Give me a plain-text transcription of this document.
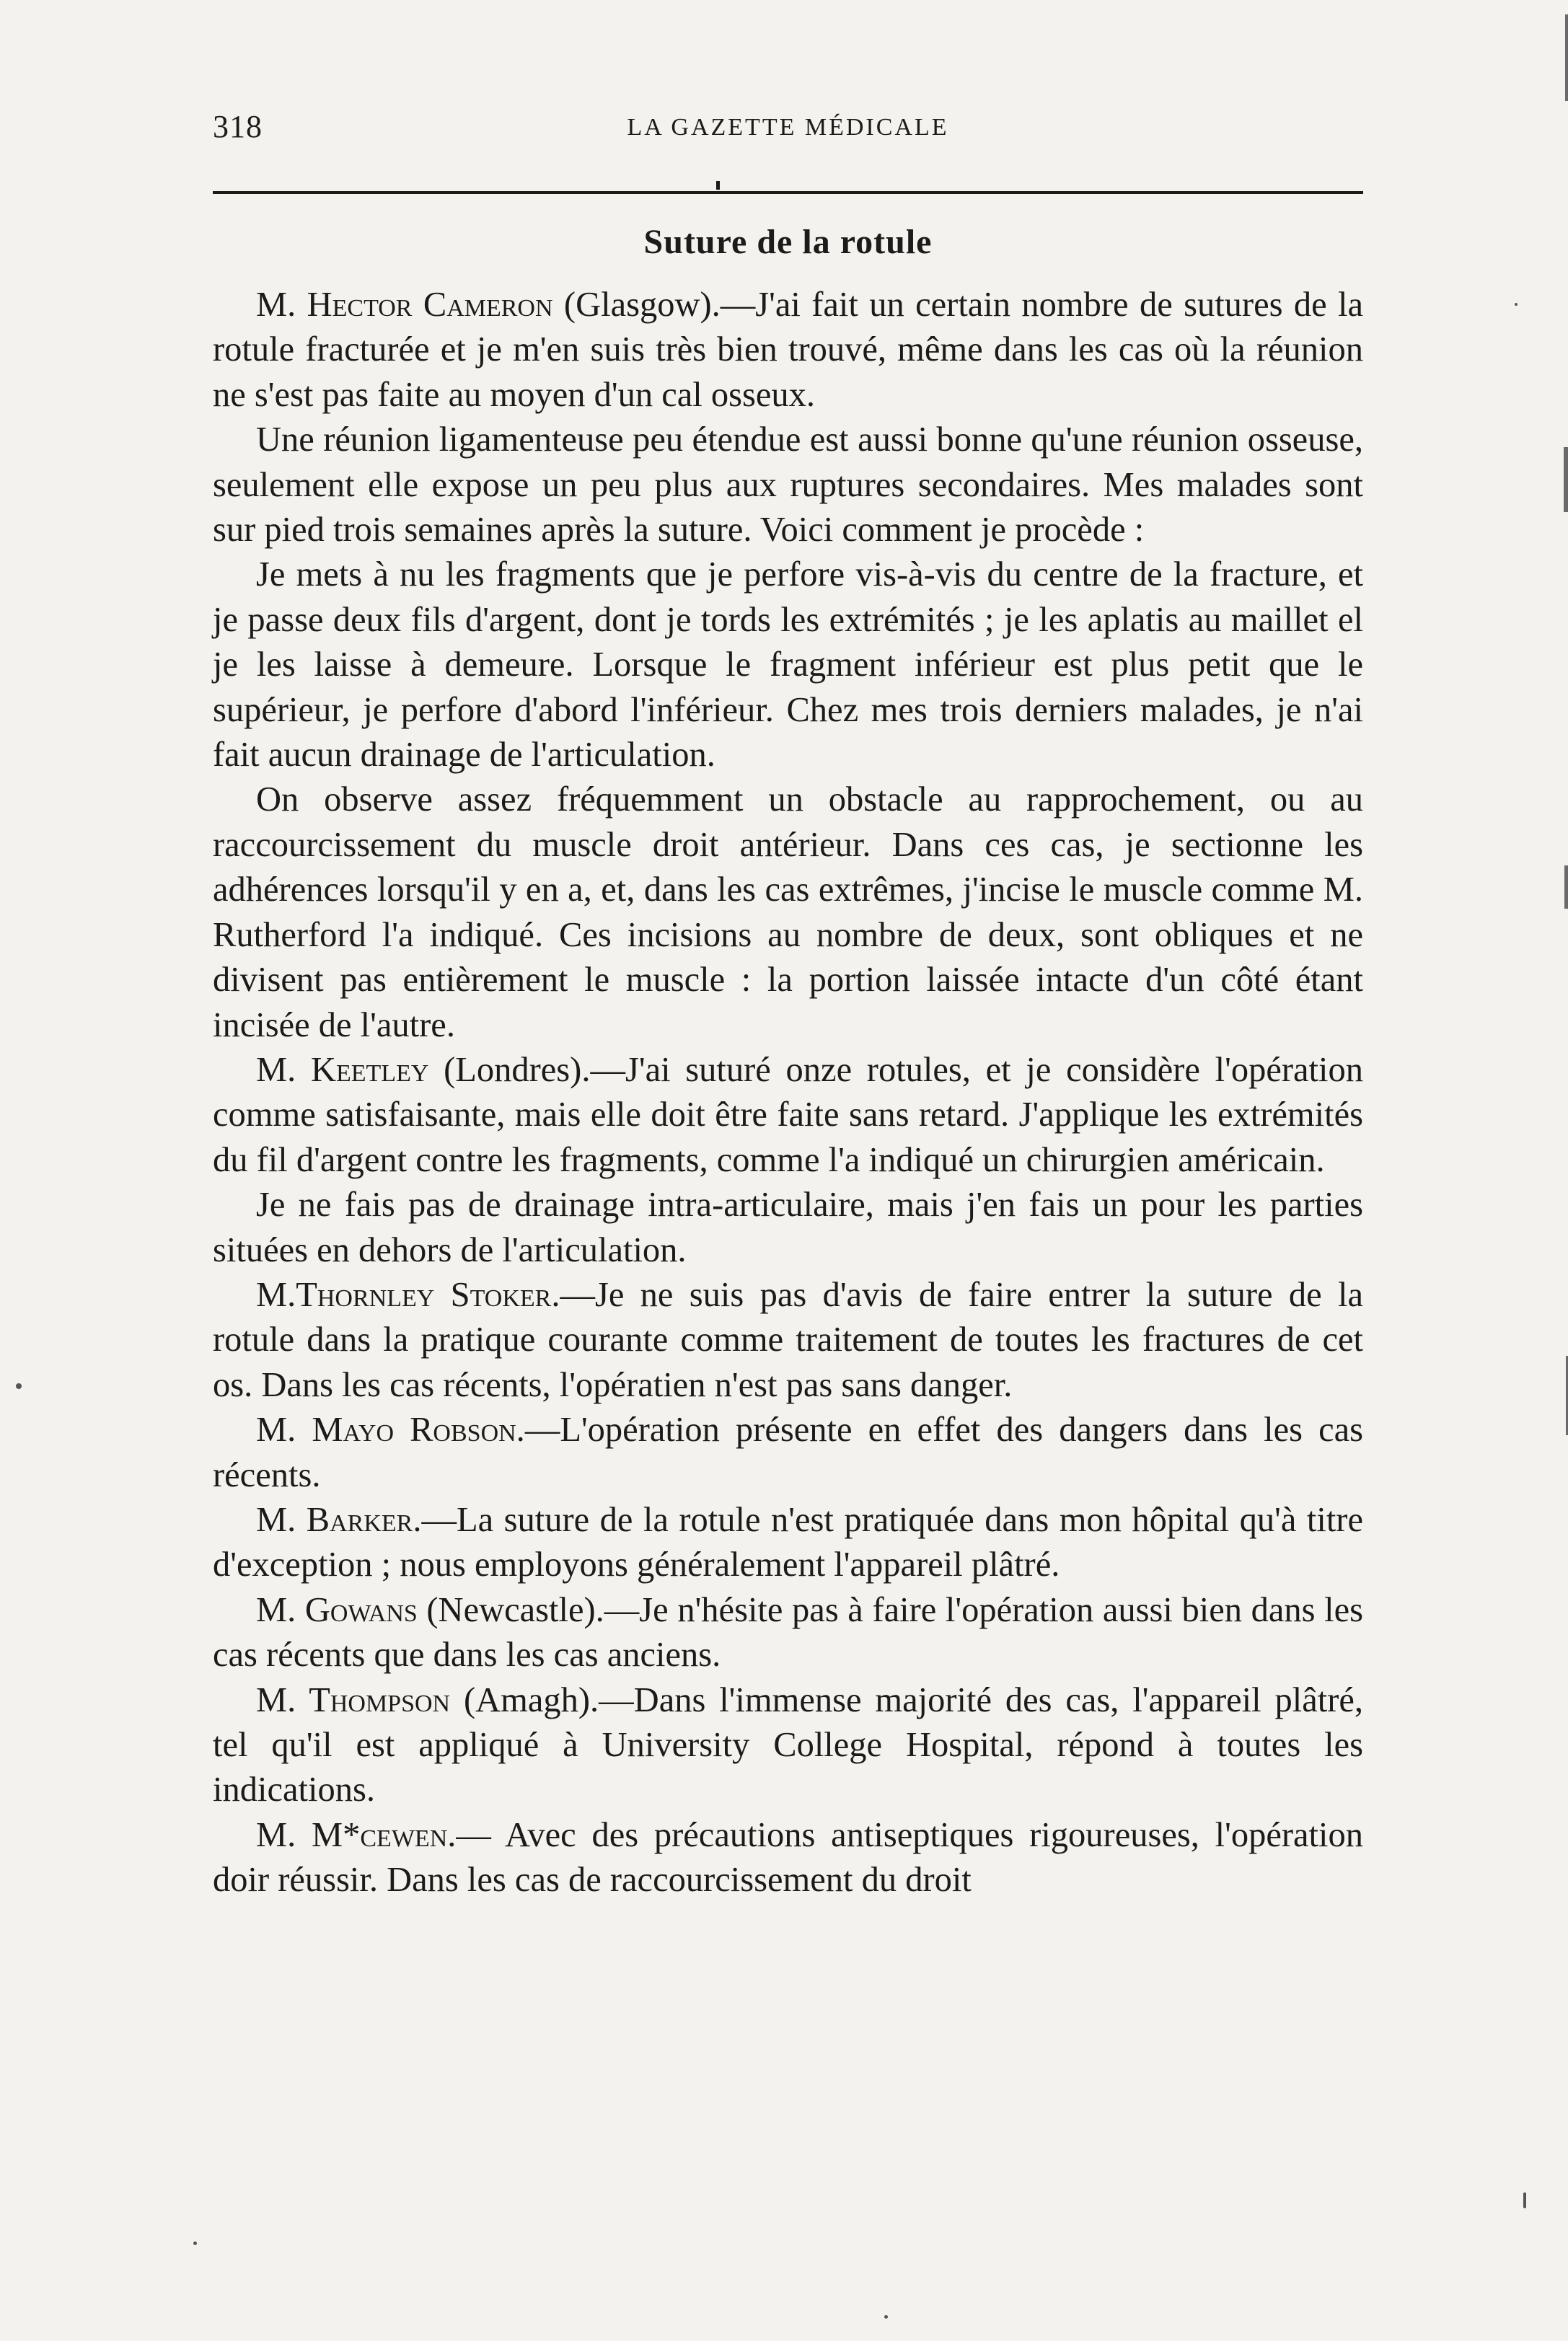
318	LA GAZETTE MÉDICALE
Suture de la rotule

M. Hector Cameron (Glasgow).—J'ai fait un certain nombre de sutures de la rotule fracturée et je m'en suis très bien trouvé, même dans les cas où la réunion ne s'est pas faite au moyen d'un cal osseux.

Une réunion ligamenteuse peu étendue est aussi bonne qu'une réunion osseuse, seulement elle expose un peu plus aux ruptures secondaires. Mes malades sont sur pied trois semaines après la suture. Voici comment je procède :

Je mets à nu les fragments que je perfore vis-à-vis du centre de la fracture, et je passe deux fils d'argent, dont je tords les extrémités ; je les aplatis au maillet el je les laisse à demeure. Lorsque le fragment inférieur est plus petit que le supérieur, je perfore d'abord l'inférieur. Chez mes trois derniers malades, je n'ai fait aucun drainage de l'articulation.

On observe assez fréquemment un obstacle au rapprochement, ou au raccourcissement du muscle droit antérieur. Dans ces cas, je sectionne les adhérences lorsqu'il y en a, et, dans les cas extrêmes, j'incise le muscle comme M. Rutherford l'a indiqué. Ces incisions au nombre de deux, sont obliques et ne divisent pas entièrement le muscle : la portion laissée intacte d'un côté étant incisée de l'autre.

M. Keetley (Londres).—J'ai suturé onze rotules, et je considère l'opération comme satisfaisante, mais elle doit être faite sans retard. J'applique les extrémités du fil d'argent contre les fragments, comme l'a indiqué un chirurgien américain.

Je ne fais pas de drainage intra-articulaire, mais j'en fais un pour les parties situées en dehors de l'articulation.

M.Thornley Stoker.—Je ne suis pas d'avis de faire entrer la suture de la rotule dans la pratique courante comme traitement de toutes les fractures de cet os. Dans les cas récents, l'opératien n'est pas sans danger.

M. Mayo Robson.—L'opération présente en effet des dangers dans les cas récents.

M. Barker.—La suture de la rotule n'est pratiquée dans mon hôpital qu'à titre d'exception ; nous employons généralement l'appareil plâtré.

M. Gowans (Newcastle).—Je n'hésite pas à faire l'opération aussi bien dans les cas récents que dans les cas anciens.

M. Thompson (Amagh).—Dans l'immense majorité des cas, l'appareil plâtré, tel qu'il est appliqué à University College Hospital, répond à toutes les indications.

M. M*cewen.— Avec des précautions antiseptiques rigoureuses, l'opération doir réussir. Dans les cas de raccourcissement du droit
